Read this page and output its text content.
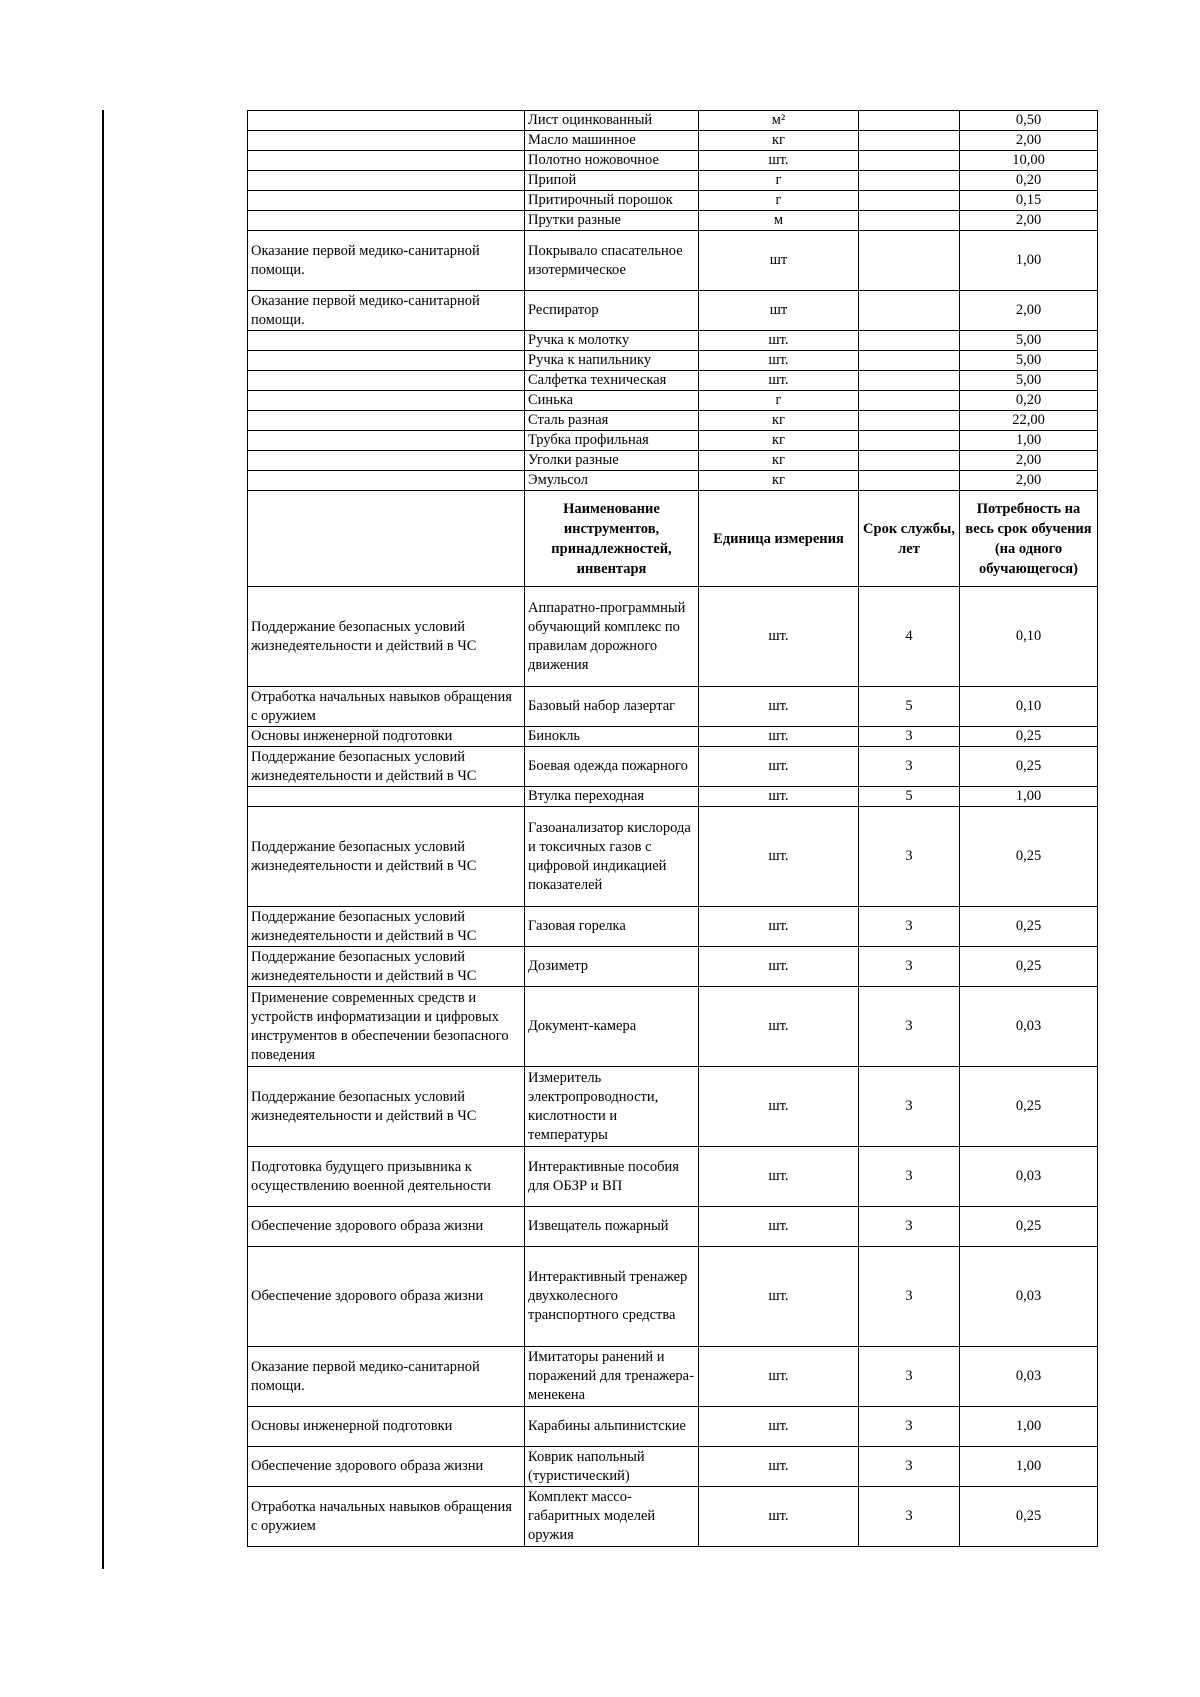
	Лист оцинкованный	м²		0,50
	Масло машинное	кг		2,00
	Полотно ножовочное	шт.		10,00
	Припой	г		0,20
	Притирочный порошок	г		0,15
	Прутки разные	м		2,00
Оказание первой медико-санитарной помощи.	Покрывало спасательное изотермическое	шт		1,00
Оказание первой медико-санитарной помощи.	Респиратор	шт		2,00
	Ручка к молотку	шт.		5,00
	Ручка к напильнику	шт.		5,00
	Салфетка техническая	шт.		5,00
	Синька	г		0,20
	Сталь разная	кг		22,00
	Трубка профильная	кг		1,00
	Уголки разные	кг		2,00
	Эмульсол	кг		2,00
	Наименование инструментов, принадлежностей, инвентаря	Единица измерения	Срок службы, лет	Потребность на весь срок обучения (на одного обучающегося)
Поддержание безопасных условий жизнедеятельности и действий в ЧС	Аппаратно-программный обучающий комплекс по правилам дорожного движения	шт.	4	0,10
Отработка начальных навыков обращения с оружием	Базовый набор лазертаг	шт.	5	0,10
Основы инженерной подготовки	Бинокль	шт.	3	0,25
Поддержание безопасных условий жизнедеятельности и действий в ЧС	Боевая одежда пожарного	шт.	3	0,25
	Втулка переходная	шт.	5	1,00
Поддержание безопасных условий жизнедеятельности и действий в ЧС	Газоанализатор кислорода и токсичных газов с цифровой индикацией показателей	шт.	3	0,25
Поддержание безопасных условий жизнедеятельности и действий в ЧС	Газовая горелка	шт.	3	0,25
Поддержание безопасных условий жизнедеятельности и действий в ЧС	Дозиметр	шт.	3	0,25
Применение современных средств и устройств информатизации и цифровых инструментов в обеспечении безопасного поведения	Документ-камера	шт.	3	0,03
Поддержание безопасных условий жизнедеятельности и действий в ЧС	Измеритель электропроводности, кислотности и температуры	шт.	3	0,25
Подготовка будущего призывника к осуществлению военной деятельности	Интерактивные пособия для ОБЗР и ВП	шт.	3	0,03
Обеспечение здорового образа жизни	Извещатель пожарный	шт.	3	0,25
Обеспечение здорового образа жизни	Интерактивный тренажер двухколесного транспортного средства	шт.	3	0,03
Оказание первой медико-санитарной помощи.	Имитаторы ранений и поражений для тренажера-менекена	шт.	3	0,03
Основы инженерной подготовки	Карабины альпинистские	шт.	3	1,00
Обеспечение здорового образа жизни	Коврик напольный (туристический)	шт.	3	1,00
Отработка начальных навыков обращения с оружием	Комплект массо-габаритных моделей оружия	шт.	3	0,25
